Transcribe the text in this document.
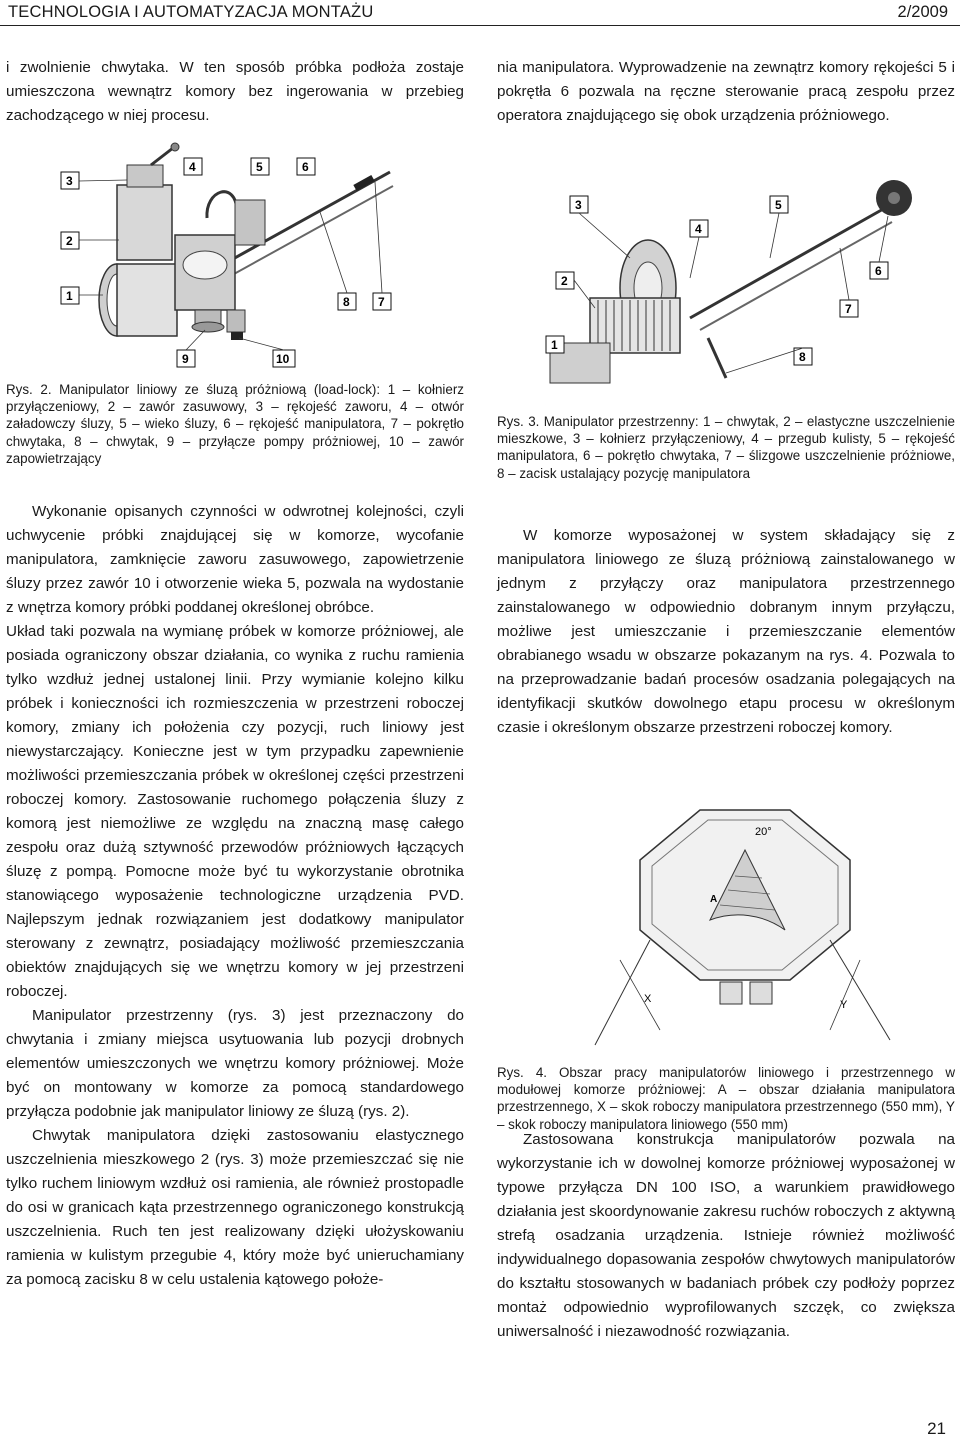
TECHNOLOGIA I AUTOMATYZACJA MONTAŻU	2/2009

i zwolnienie chwytaka. W ten sposób próbka podłoża zostaje umieszczona wewnątrz komory bez ingerowania w przebieg zachodzącego w niej procesu.

nia manipulatora. Wyprowadzenie na zewnątrz komory rękojeści 5 i pokrętła 6 pozwala na ręczne sterowanie pracą zespołu przez operatora znajdującego się obok urządzenia próżniowego.

3
4	5	6
2
1	8 7
9	10
3	5
4
6
2
7
1
8
Rys. 2. Manipulator liniowy ze śluzą próżniową (load-lock): 1 – kołnierz przyłączeniowy, 2 – zawór zasuwowy, 3 – rękojeść zaworu, 4 – otwór załadowczy śluzy, 5 – wieko śluzy, 6 – rękojeść manipulatora, 7 – pokrętło chwytaka, 8 – chwytak, 9 – przyłącze pompy próżniowej, 10 – zawór zapowietrzający
Rys. 3. Manipulator przestrzenny: 1 – chwytak, 2 – elastyczne uszczelnienie mieszkowe, 3 – kołnierz przyłączeniowy, 4 – przegub kulisty, 5 – rękojeść manipulatora, 6 – pokrętło chwytaka, 7 – ślizgowe uszczelnienie próżniowe, 8 – zacisk ustalający pozycję manipulatora

Wykonanie opisanych czynności w odwrotnej kolejności, czyli uchwycenie próbki znajdującej się w komorze, wycofanie manipulatora, zamknięcie zaworu zasuwowego, zapowietrzenie śluzy przez zawór 10 i otworzenie wieka 5, pozwala na wydostanie z wnętrza komory próbki poddanej określonej obróbce.

Układ taki pozwala na wymianę próbek w komorze próżniowej, ale posiada ograniczony obszar działania, co wynika z ruchu ramienia tylko wzdłuż jednej ustalonej linii. Przy wymianie kolejno kilku próbek i konieczności ich rozmieszczenia w przestrzeni roboczej komory, zmiany ich położenia czy pozycji, ruch liniowy jest niewystarczający. Konieczne jest w tym przypadku zapewnienie możliwości przemieszczania próbek w określonej części przestrzeni roboczej komory. Zastosowanie ruchomego połączenia śluzy z komorą jest niemożliwe ze względu na znaczną masę całego zespołu oraz dużą sztywność przewodów próżniowych łączących śluzę z pompą. Pomocne może być tu wykorzystanie obrotnika stanowiącego wyposażenie technologiczne urządzenia PVD. Najlepszym jednak rozwiązaniem jest dodatkowy manipulator sterowany z zewnątrz, posiadający możliwość przemieszczania obiektów znajdujących się we wnętrzu komory w jej przestrzeni roboczej.

Manipulator przestrzenny (rys. 3) jest przeznaczony do chwytania i zmiany miejsca usytuowania lub pozycji drobnych elementów umieszczonych we wnętrzu komory próżniowej. Może być on montowany w komorze za pomocą standardowego przyłącza podobnie jak manipulator liniowy ze śluzą (rys. 2).

Chwytak manipulatora dzięki zastosowaniu elastycznego uszczelnienia mieszkowego 2 (rys. 3) może przemieszczać się nie tylko ruchem liniowym wzdłuż osi ramienia, ale również prostopadle do osi w granicach kąta przestrzennego ograniczonego konstrukcją uszczelnienia. Ruch ten jest realizowany dzięki ułożyskowaniu ramienia w kulistym przegubie 4, który może być unieruchamiany za pomocą zacisku 8 w celu ustalenia kątowego położe-

W komorze wyposażonej w system składający się z manipulatora liniowego ze śluzą próżniową zainstalowanego w jednym z przyłączy oraz manipulatora przestrzennego zainstalowanego w odpowiednio dobranym innym przyłączu, możliwe jest umieszczanie i przemieszczanie elementów obrabianego wsadu w obszarze pokazanym na rys. 4. Pozwala to na przeprowadzanie badań procesów osadzania polegających na identyfikacji skutków dowolnego etapu procesu w określonym czasie i określonym obszarze przestrzeni roboczej komory.

20°
A
X	Y
Rys. 4. Obszar pracy manipulatorów liniowego i przestrzennego w modułowej komorze próżniowej: A – obszar działania manipulatora przestrzennego, X – skok roboczy manipulatora przestrzennego (550 mm), Y – skok roboczy manipulatora liniowego (550 mm)

Zastosowana konstrukcja manipulatorów pozwala na wykorzystanie ich w dowolnej komorze próżniowej wyposażonej w typowe przyłącza DN 100 ISO, a warunkiem prawidłowego działania jest skoordynowanie zakresu ruchów roboczych z aktywną strefą osadzania urządzenia. Istnieje również możliwość indywidualnego dopasowania zespołów chwytowych manipulatorów do kształtu stosowanych w badaniach próbek czy podłoży poprzez montaż odpowiednio wyprofilowanych szczęk, co zwiększa uniwersalność i niezawodność rozwiązania.

21
